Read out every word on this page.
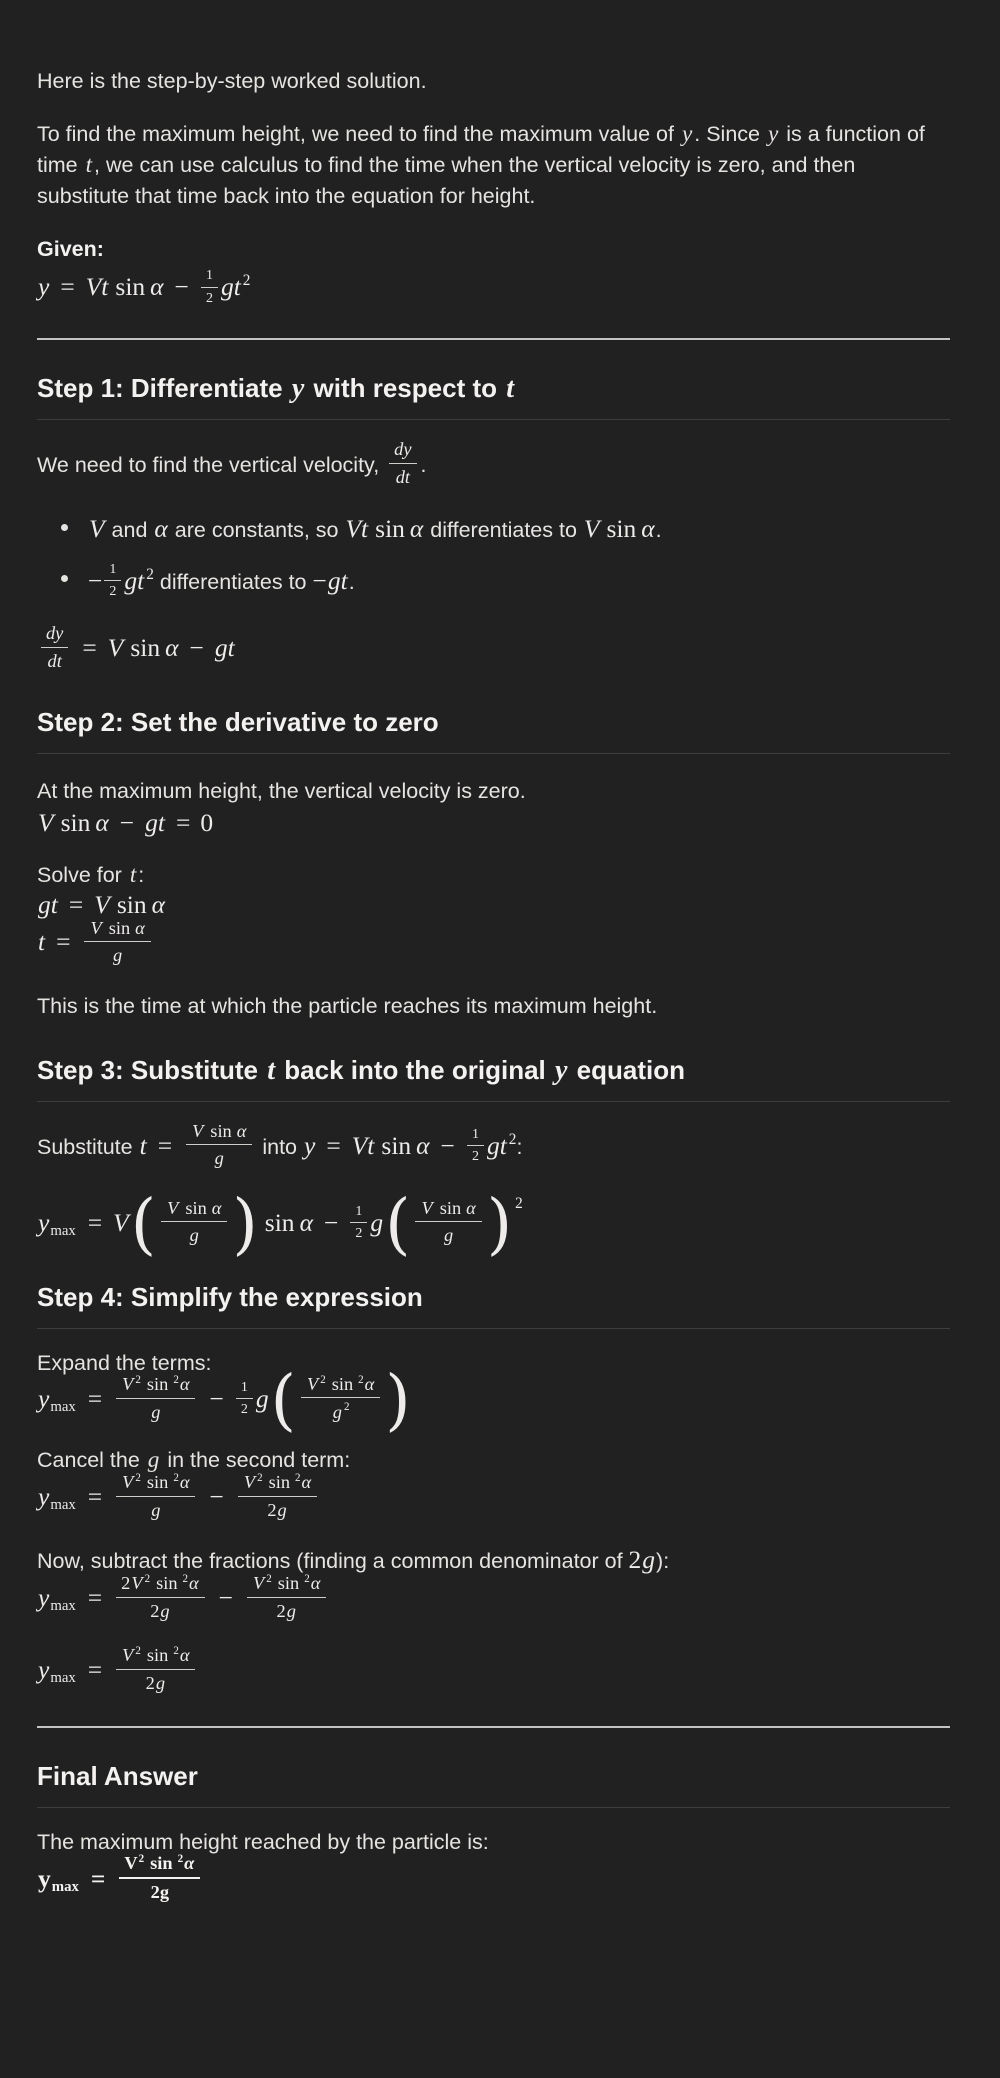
Here is the step-by-step worked solution.

To find the maximum height, we need to find the maximum value of y. Since y is a function of time t, we can use calculus to find the time when the vertical velocity is zero, and then substitute that time back into the equation for height.

Given:
y = Vt $\sin \alpha - \frac{1}{2}$ gt $^2$

Step 1: Differentiate y with respect to t

We need to find the vertical velocity, $\frac{dy}{dt}$ .

V and α are constants, so Vt sin α differentiates to V sin α.
− $\frac{1}{2}$ gt $^2$ differentiates to −gt.
$\frac{dy}{dt} = V$ sin α − gt
Step 2: Set the derivative to zero

At the maximum height, the vertical velocity is zero.
V sin α − gt = 0

Solve for t:
gt = V sin α
$t = \frac{\text{V sin α}}{g}$

This is the time at which the particle reaches its maximum height.

Step 3: Substitute t back into the original y equation

Substitute $t = \frac{\text{V sin α}}{g}$ into y = Vt $\sin \alpha - \frac{1}{2}$ gt $^2$:

$ymax = V( \frac{\text{V sin α}}{g}$ ) $\sin \alpha - \frac{1}{2} g( \frac{\text{V sin α}}{g}$ ) $^2$
Step 4: Simplify the expression

Expand the terms:
$ymax = \frac{V ^2 \sin ^2\alpha}{g} - \frac{1}{2} g( \frac{V ^2 \sin ^2\alpha}{g ^2}$ )

Cancel the g in the second term:
$ymax = \frac{V ^2 \sin ^2\alpha}{g} - \frac{V ^2 \sin ^2\alpha}{2g}$

Now, subtract the fractions (finding a common denominator of 2g):
$ymax = \frac{2V ^2 \sin ^2\alpha}{2g} - \frac{V ^2 \sin ^2\alpha}{2g}$

$ymax = \frac{V ^2 \sin ^2\alpha}{2g}$
Final Answer

The maximum height reached by the particle is:
$ymax = \frac{V^2 \sin ^2\alpha}{2g}$
